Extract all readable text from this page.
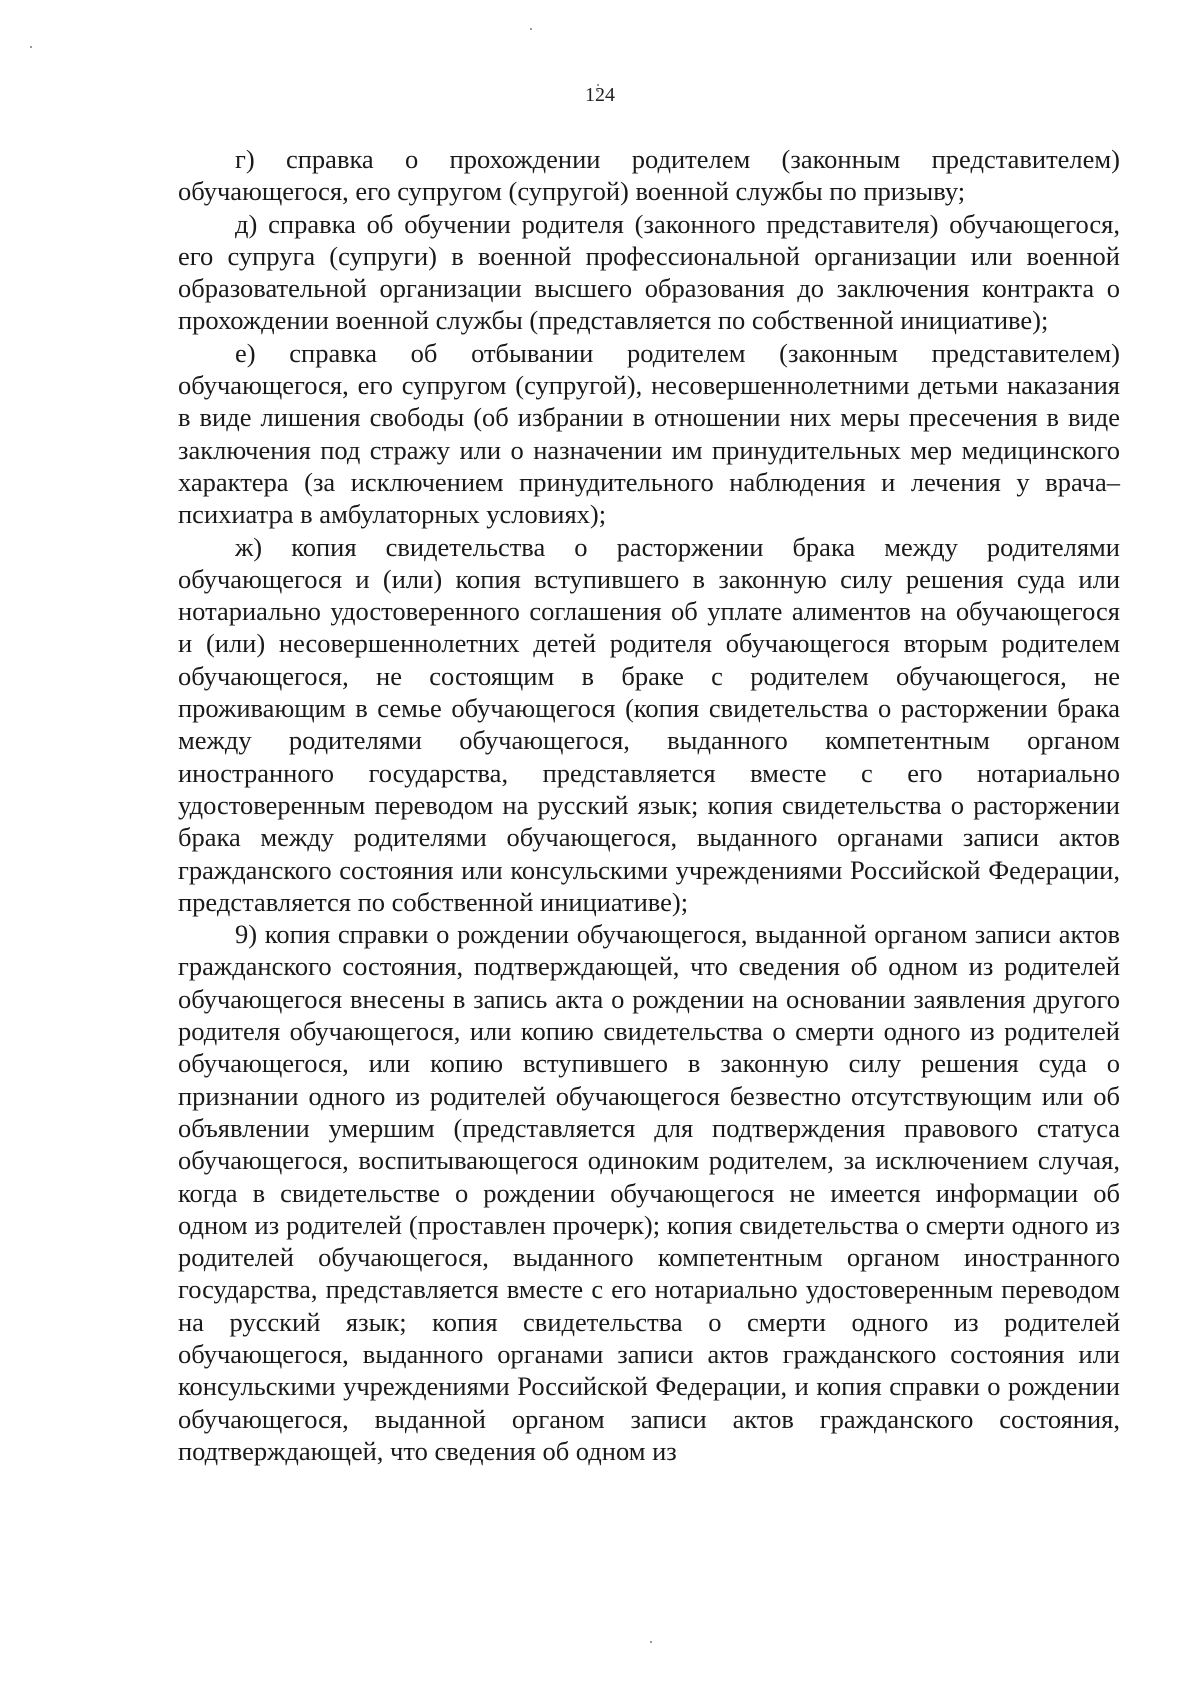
124

г) справка о прохождении родителем (законным представителем) обучающегося, его супругом (супругой) военной службы по призыву;

д) справка об обучении родителя (законного представителя) обучающегося, его супруга (супруги) в военной профессиональной организации или военной образовательной организации высшего образования до заключения контракта о прохождении военной службы (представляется по собственной инициативе);

е) справка об отбывании родителем (законным представителем) обучающегося, его супругом (супругой), несовершеннолетними детьми наказания в виде лишения свободы (об избрании в отношении них меры пресечения в виде заключения под стражу или о назначении им принудительных мер медицинского характера (за исключением принудительного наблюдения и лечения у врача–психиатра в амбулаторных условиях);

ж) копия свидетельства о расторжении брака между родителями обучающегося и (или) копия вступившего в законную силу решения суда или нотариально удостоверенного соглашения об уплате алиментов на обучающегося и (или) несовершеннолетних детей родителя обучающегося вторым родителем обучающегося, не состоящим в браке с родителем обучающегося, не проживающим в семье обучающегося (копия свидетельства о расторжении брака между родителями обучающегося, выданного компетентным органом иностранного государства, представляется вместе с его нотариально удостоверенным переводом на русский язык; копия свидетельства о расторжении брака между родителями обучающегося, выданного органами записи актов гражданского состояния или консульскими учреждениями Российской Федерации, представляется по собственной инициативе);

9) копия справки о рождении обучающегося, выданной органом записи актов гражданского состояния, подтверждающей, что сведения об одном из родителей обучающегося внесены в запись акта о рождении на основании заявления другого родителя обучающегося, или копию свидетельства о смерти одного из родителей обучающегося, или копию вступившего в законную силу решения суда о признании одного из родителей обучающегося безвестно отсутствующим или об объявлении умершим (представляется для подтверждения правового статуса обучающегося, воспитывающегося одиноким родителем, за исключением случая, когда в свидетельстве о рождении обучающегося не имеется информации об одном из родителей (проставлен прочерк); копия свидетельства о смерти одного из родителей обучающегося, выданного компетентным органом иностранного государства, представляется вместе с его нотариально удостоверенным переводом на русский язык; копия свидетельства о смерти одного из родителей обучающегося, выданного органами записи актов гражданского состояния или консульскими учреждениями Российской Федерации, и копия справки о рождении обучающегося, выданной органом записи актов гражданского состояния, подтверждающей, что сведения об одном из
